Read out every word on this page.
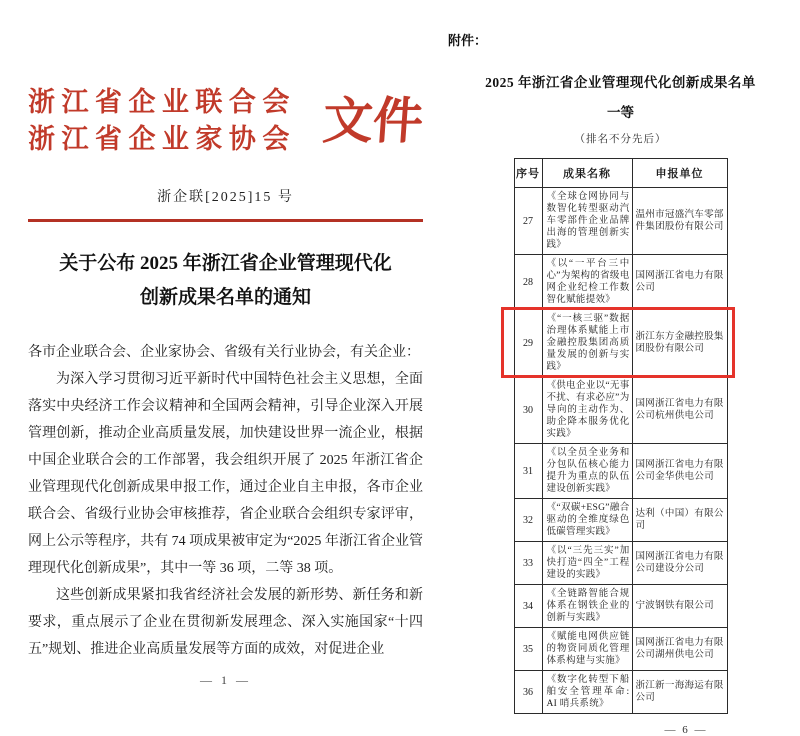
浙江省企业联合会
浙江省企业家协会 文件
浙企联[2025]15 号
关于公布 2025 年浙江省企业管理现代化
创新成果名单的通知

各市企业联合会、企业家协会、省级有关行业协会，有关企业：

为深入学习贯彻习近平新时代中国特色社会主义思想，全面落实中央经济工作会议精神和全国两会精神，引导企业深入开展管理创新，推动企业高质量发展，加快建设世界一流企业，根据中国企业联合会的工作部署，我会组织开展了 2025 年浙江省企业管理现代化创新成果申报工作，通过企业自主申报，各市企业联合会、省级行业协会审核推荐，省企业联合会组织专家评审，网上公示等程序，共有 74 项成果被审定为“2025 年浙江省企业管理现代化创新成果”，其中一等 36 项，二等 38 项。

这些创新成果紧扣我省经济社会发展的新形势、新任务和新要求，重点展示了企业在贯彻新发展理念、深入实施国家“十四五”规划、推进企业高质量发展等方面的成效，对促进企业

— 1 —
附件：
2025 年浙江省企业管理现代化创新成果名单
一等
（排名不分先后）
序号	成果名称	申报单位
27	《全球仓网协同与数智化转型驱动汽车零部件企业品牌出海的管理创新实践》	温州市冠盛汽车零部件集团股份有限公司
28	《以“一平台三中心”为架构的省级电网企业纪检工作数智化赋能提效》	国网浙江省电力有限公司
29	《“一核三驱”数据治理体系赋能上市金融控股集团高质量发展的创新与实践》	浙江东方金融控股集团股份有限公司
30	《供电企业以“无事不扰、有求必应”为导向的主动作为、助企降本服务优化实践》	国网浙江省电力有限公司杭州供电公司
31	《以全员全业务和分包队伍核心能力提升为重点的队伍建设创新实践》	国网浙江省电力有限公司金华供电公司
32	《“双碳+ESG”融合驱动的全维度绿色低碳管理实践》	达利（中国）有限公司
33	《以“三先三实”加快打造“四全”工程建设的实践》	国网浙江省电力有限公司建设分公司
34	《全链路智能合规体系在钢铁企业的创新与实践》	宁波钢铁有限公司
35	《赋能电网供应链的物资同质化管理体系构建与实施》	国网浙江省电力有限公司湖州供电公司
36	《数字化转型下船舶安全管理革命: AI 哨兵系统》	浙江新一海海运有限公司
— 6 —
